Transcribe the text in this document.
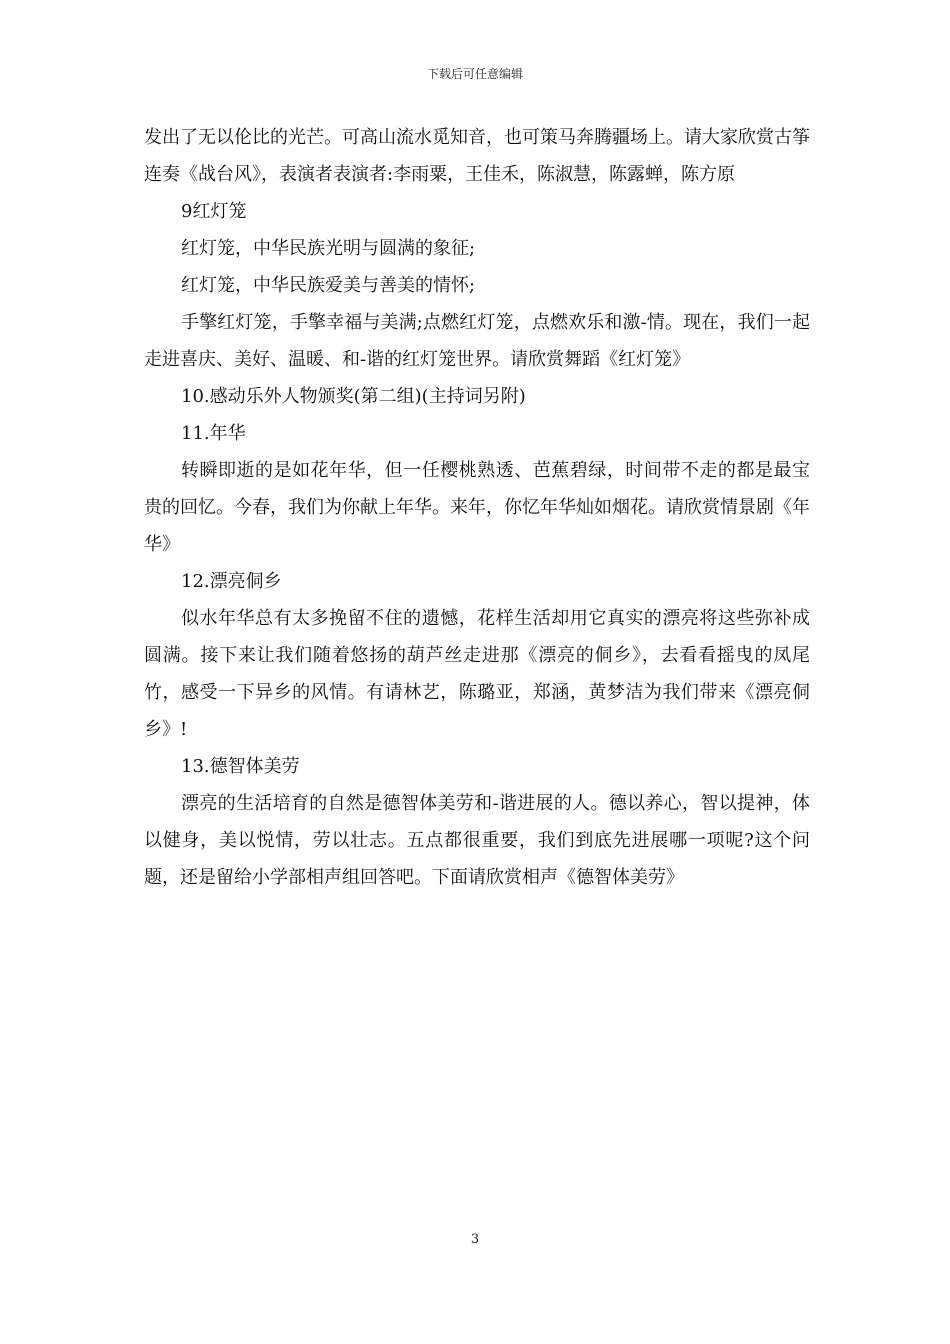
下载后可任意编辑

发出了无以伦比的光芒。可高山流水觅知音，也可策马奔腾疆场上。请大家欣赏古筝连奏《战台风》，表演者表演者:李雨粟，王佳禾，陈淑慧，陈露蝉，陈方原

9红灯笼

红灯笼，中华民族光明与圆满的象征;

红灯笼，中华民族爱美与善美的情怀;

手擎红灯笼，手擎幸福与美满;点燃红灯笼，点燃欢乐和激-情。现在，我们一起走进喜庆、美好、温暖、和-谐的红灯笼世界。请欣赏舞蹈《红灯笼》

10.感动乐外人物颁奖(第二组)(主持词另附)

11.年华

转瞬即逝的是如花年华，但一任樱桃熟透、芭蕉碧绿，时间带不走的都是最宝贵的回忆。今春，我们为你献上年华。来年，你忆年华灿如烟花。请欣赏情景剧《年华》

12.漂亮侗乡

似水年华总有太多挽留不住的遗憾，花样生活却用它真实的漂亮将这些弥补成圆满。接下来让我们随着悠扬的葫芦丝走进那《漂亮的侗乡》，去看看摇曳的凤尾竹，感受一下异乡的风情。有请林艺，陈璐亚，郑涵，黄梦洁为我们带来《漂亮侗乡》!

13.德智体美劳

漂亮的生活培育的自然是德智体美劳和-谐进展的人。德以养心，智以提神，体以健身，美以悦情，劳以壮志。五点都很重要，我们到底先进展哪一项呢?这个问题，还是留给小学部相声组回答吧。下面请欣赏相声《德智体美劳》

3
